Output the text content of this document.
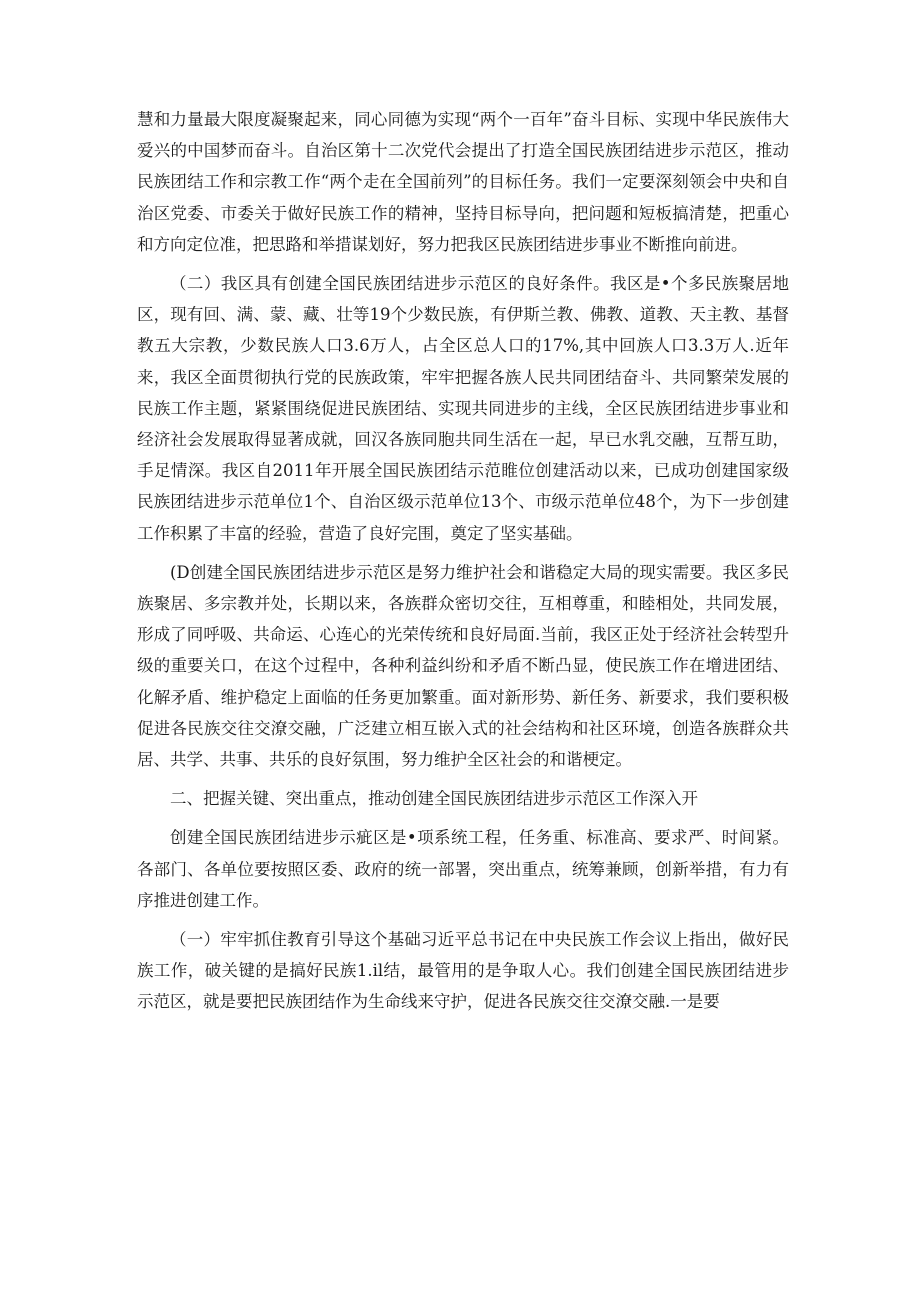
慧和力量最大限度凝聚起来，同心同德为实现“两个一百年”奋斗目标、实现中华民族伟大爱兴的中国梦而奋斗。自治区第十二次党代会提出了打造全国民族团结进步示范区，推动民族团结工作和宗教工作“两个走在全国前列”的目标任务。我们一定要深刻领会中央和自治区党委、市委关于做好民族工作的精神，坚持目标导向，把问题和短板搞清楚，把重心和方向定位准，把思路和举措谋划好，努力把我区民族团结进步事业不断推向前进。

（二）我区具有创建全国民族团结进步示范区的良好条件。我区是•个多民族聚居地区，现有回、满、蒙、藏、壮等19个少数民族，有伊斯兰教、佛教、道教、天主教、基督教五大宗教，少数民族人口3.6万人，占全区总人口的17%,其中回族人口3.3万人.近年来，我区全面贯彻执行党的民族政策，牢牢把握各族人民共同团结奋斗、共同繁荣发展的民族工作主题，紧紧围绕促进民族团结、实现共同进步的主线，全区民族团结进步事业和经济社会发展取得显著成就，回汉各族同胞共同生活在一起，早已水乳交融，互帮互助，手足情深。我区自2011年开展全国民族团结示范睢位创建活动以来，已成功创建国家级民族团结进步示范单位1个、自治区级示范单位13个、市级示范单位48个，为下一步创建工作积累了丰富的经验，营造了良好完围，奠定了坚实基础。

(D创建全国民族团结进步示范区是努力维护社会和谐稳定大局的现实需要。我区多民族聚居、多宗教并处，长期以来，各族群众密切交往，互相尊重，和睦相处，共同发展，形成了同呼吸、共命运、心连心的光荣传统和良好局面.当前，我区正处于经济社会转型升级的重要关口，在这个过程中，各种利益纠纷和矛盾不断凸显，使民族工作在增进团结、化解矛盾、维护稳定上面临的任务更加繁重。面对新形势、新任务、新要求，我们要积极促进各民族交往交潦交融，广泛建立相互嵌入式的社会结构和社区环境，创造各族群众共居、共学、共事、共乐的良好氛围，努力维护全区社会的和谐梗定。

二、把握关键、突出重点，推动创建全国民族团结进步示范区工作深入开

创建全国民族团结进步示疵区是•项系统工程，任务重、标准高、要求严、时间紧。各部门、各单位要按照区委、政府的统一部署，突出重点，统筹兼顾，创新举措，有力有序推进创建工作。

（一）牢牢抓住教育引导这个基础习近平总书记在中央民族工作会议上指出，做好民族工作，破关键的是搞好民族1.il结，最管用的是争取人心。我们创建全国民族团结进步示范区，就是要把民族团结作为生命线来守护，促进各民族交往交潦交融.一是要
